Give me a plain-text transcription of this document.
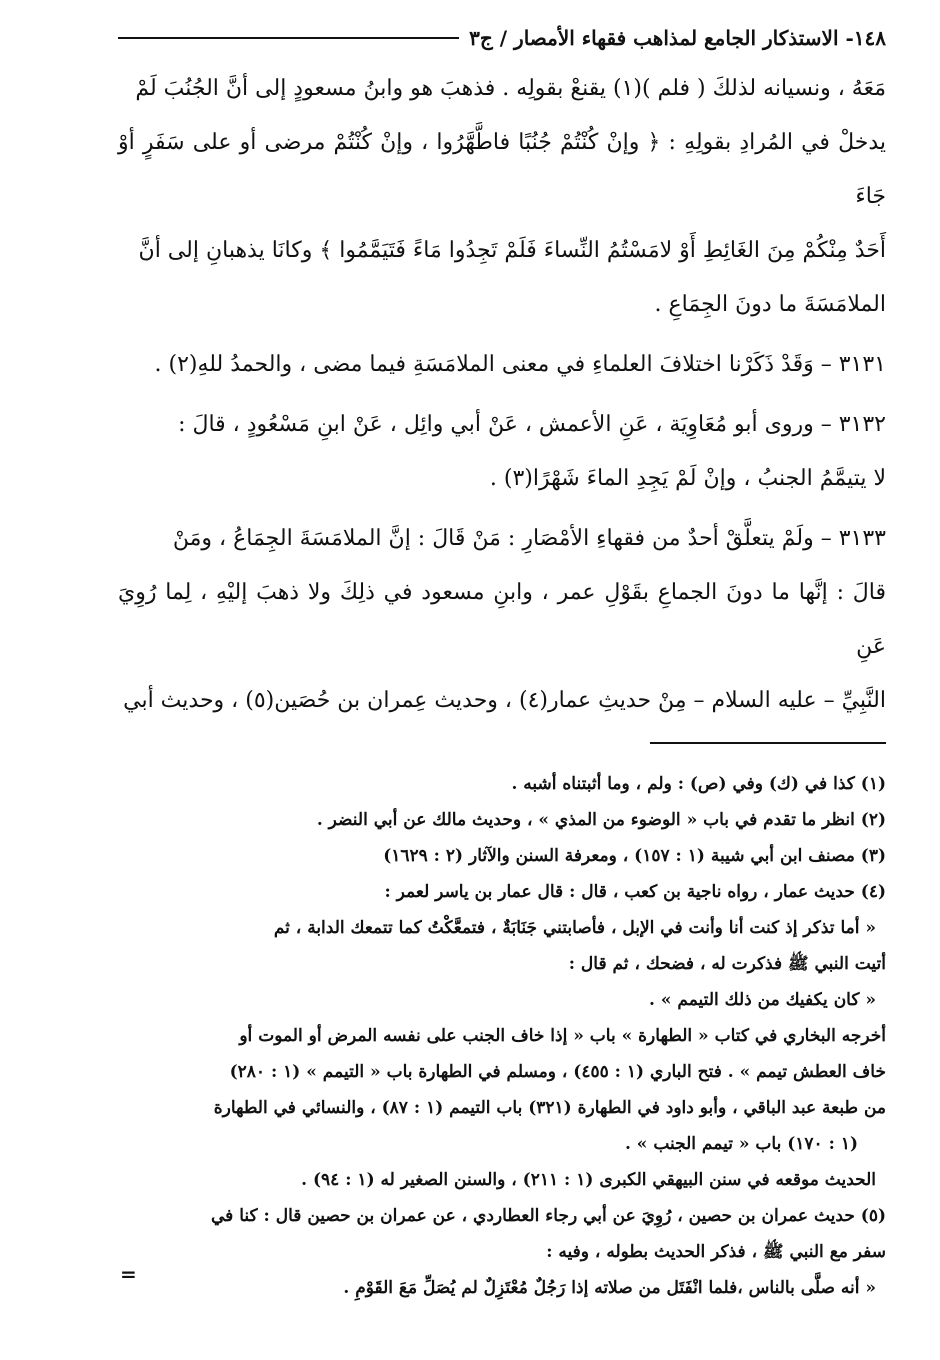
١٤٨- الاستذكار الجامع لمذاهب فقهاء الأمصار / ج٣

مَعَهُ ، ونسيانه لذلكَ ( فلم )(١) يقنعْ بقولِه . فذهبَ هو وابنُ مسعودٍ إلى أنَّ الجُنُبَ لَمْ

يدخلْ في المُرادِ بقولِهِ : ﴿ وإنْ كُنْتُمْ جُنُبًا فاطَّهَّرُوا ، وإنْ كُنْتُمْ مرضى أو على سَفَرٍ أوْ جَاءَ

أَحَدٌ مِنْكُمْ مِنَ الغَائِطِ أَوْ لامَسْتُمُ النِّساءَ فَلَمْ تَجِدُوا مَاءً فَتَيَمَّمُوا ﴾ وكانَا يذهبانِ إلى أنَّ

الملامَسَةَ ما دونَ الجِمَاعِ .

٣١٣١ – وَقَدْ ذَكَرْنا اختلافَ العلماءِ في معنى الملامَسَةِ فيما مضى ، والحمدُ للهِ(٢) .

٣١٣٢ – وروى أبو مُعَاوِيَة ، عَنِ الأعمش ، عَنْ أبي وائِل ، عَنْ ابنِ مَسْعُودٍ ، قالَ :

لا يتيمَّمُ الجنبُ ، وإنْ لَمْ يَجِدِ الماءَ شَهْرًا(٣) .

٣١٣٣ – ولَمْ يتعلَّقْ أحدٌ من فقهاءِ الأمْصَارِ : مَنْ قَالَ : إنَّ الملامَسَةَ الجِمَاعُ ، ومَنْ

قالَ : إنَّها ما دونَ الجماعِ بقَوْلِ عمر ، وابنِ مسعود في ذلِكَ ولا ذهبَ إليْهِ ، لِما رُوِيَ عَنِ

النَّبِيِّ – عليه السلام – مِنْ حديثِ عمار(٤) ، وحديث عِمران بن حُصَين(٥) ، وحديث أبي

(١) كذا في (ك) وفي (ص) : ولم ، وما أثبتناه أشبه .

(٢) انظر ما تقدم في باب « الوضوء من المذي » ، وحديث مالك عن أبي النضر .

(٣) مصنف ابن أبي شيبة (١ : ١٥٧) ، ومعرفة السنن والآثار (٢ : ١٦٢٩)

(٤) حديث عمار ، رواه ناجية بن كعب ، قال : قال عمار بن ياسر لعمر :

« أما تذكر إذ كنت أنا وأنت في الإبل ، فأصابتني جَنَابَةٌ ، فتمعَّكْتُ كما تتمعك الدابة ، ثم

أتيت النبي ﷺ فذكرت له ، فضحك ، ثم قال :

« كان يكفيك من ذلك التيمم » .

أخرجه البخاري في كتاب « الطهارة » باب « إذا خاف الجنب على نفسه المرض أو الموت أو

خاف العطش تيمم » . فتح الباري (١ : ٤٥٥) ، ومسلم في الطهارة باب « التيمم » (١ : ٢٨٠)

من طبعة عبد الباقي ، وأبو داود في الطهارة (٣٢١) باب التيمم (١ : ٨٧) ، والنسائي في الطهارة

(١ : ١٧٠) باب « تيمم الجنب » .

الحديث موقعه في سنن البيهقي الكبرى (١ : ٢١١) ، والسنن الصغير له (١ : ٩٤) .

(٥) حديث عمران بن حصين ، رُوِيَ عن أبي رجاء العطاردي ، عن عمران بن حصين قال : كنا في

سفر مع النبي ﷺ ، فذكر الحديث بطوله ، وفيه :

« أنه صلَّى بالناس ،فلما انْفَتَل من صلاته إذا رَجُلٌ مُعْتَزِلٌ لم يُصَلِّ مَعَ القَوْمِ .

=
